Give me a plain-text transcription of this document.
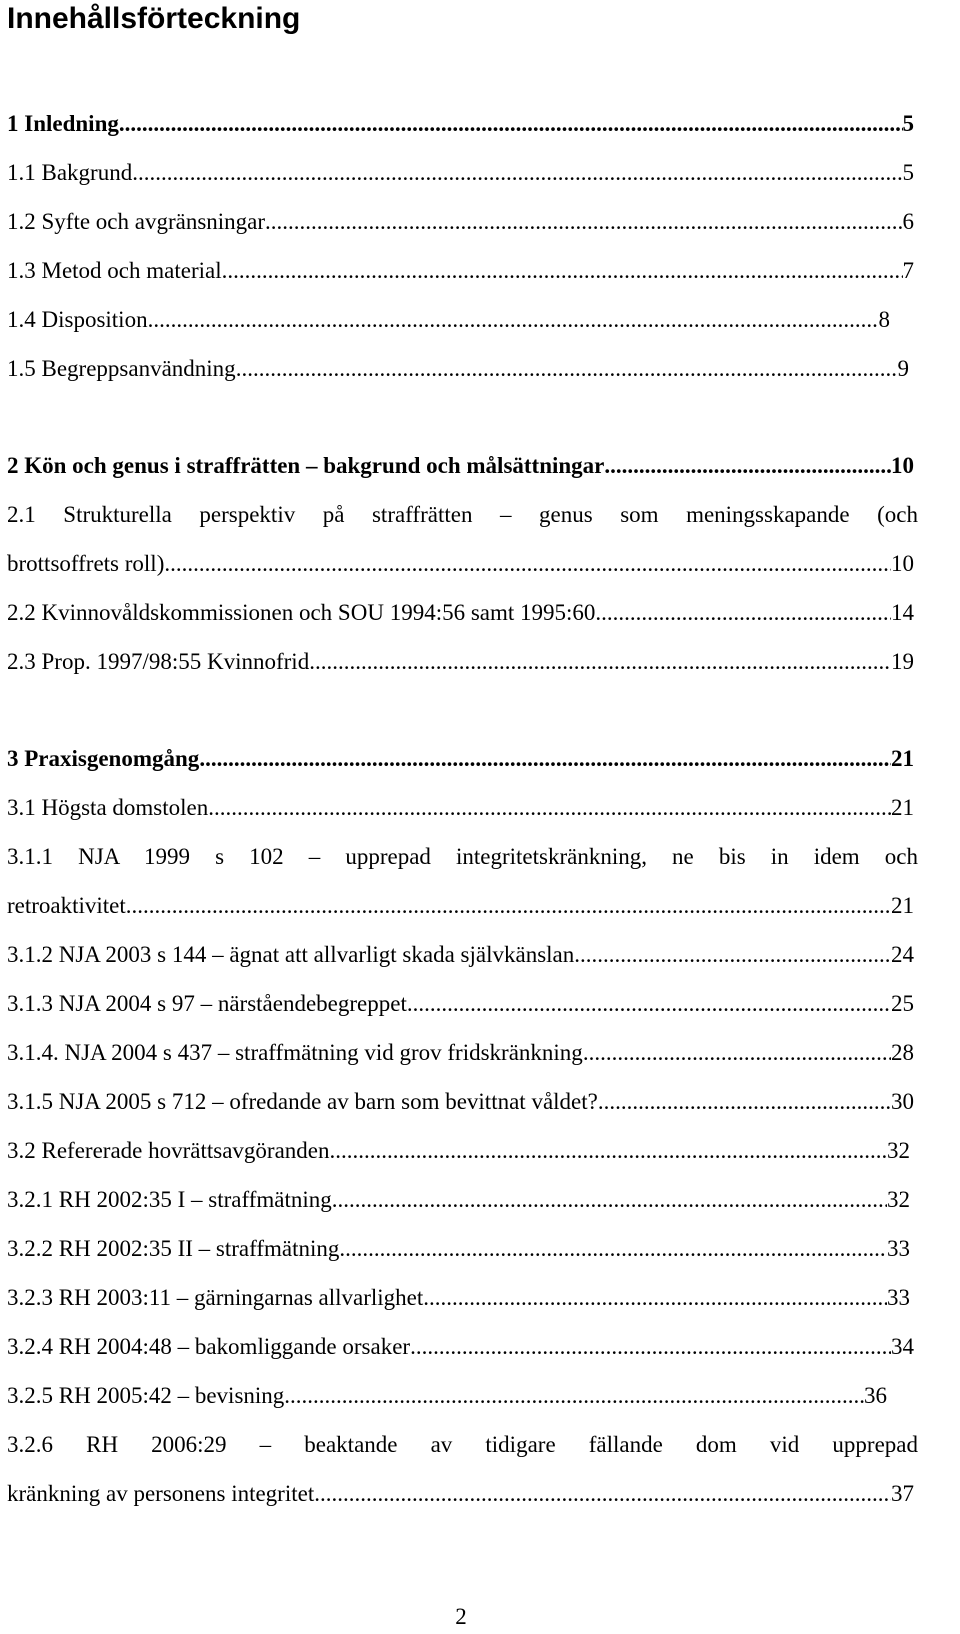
Innehållsförteckning
1 Inledning .....	5
1.1 Bakgrund .....	5
1.2 Syfte och avgränsningar .....	6
1.3 Metod och material .....	7
1.4 Disposition .....	8
1.5 Begreppsanvändning .....	9
2 Kön och genus i straffrätten – bakgrund och målsättningar .....	10
2.1 Strukturella perspektiv på straffrätten – genus som meningsskapande (och
brottsoffrets roll) .....	10
2.2 Kvinnovåldskommissionen och SOU 1994:56 samt 1995:60 .....	14
2.3 Prop. 1997/98:55 Kvinnofrid .....	19
3 Praxisgenomgång .....	21
3.1 Högsta domstolen .....	21
3.1.1 NJA 1999 s 102 – upprepad integritetskränkning, ne bis in idem och
retroaktivitet .....	21
3.1.2 NJA 2003 s 144 – ägnat att allvarligt skada självkänslan .....	24
3.1.3 NJA 2004 s 97 – närståendebegreppet .....	25
3.1.4. NJA 2004 s 437 – straffmätning vid grov fridskränkning .....	28
3.1.5 NJA 2005 s 712 – ofredande av barn som bevittnat våldet? .....	30
3.2 Refererade hovrättsavgöranden .....	32
3.2.1 RH 2002:35 I – straffmätning .....	32
3.2.2 RH 2002:35 II – straffmätning .....	33
3.2.3 RH 2003:11 – gärningarnas allvarlighet .....	33
3.2.4 RH 2004:48 – bakomliggande orsaker .....	34
3.2.5 RH 2005:42 – bevisning .....	36
3.2.6 RH 2006:29 – beaktande av tidigare fällande dom vid upprepad
kränkning av personens integritet .....	37
2
